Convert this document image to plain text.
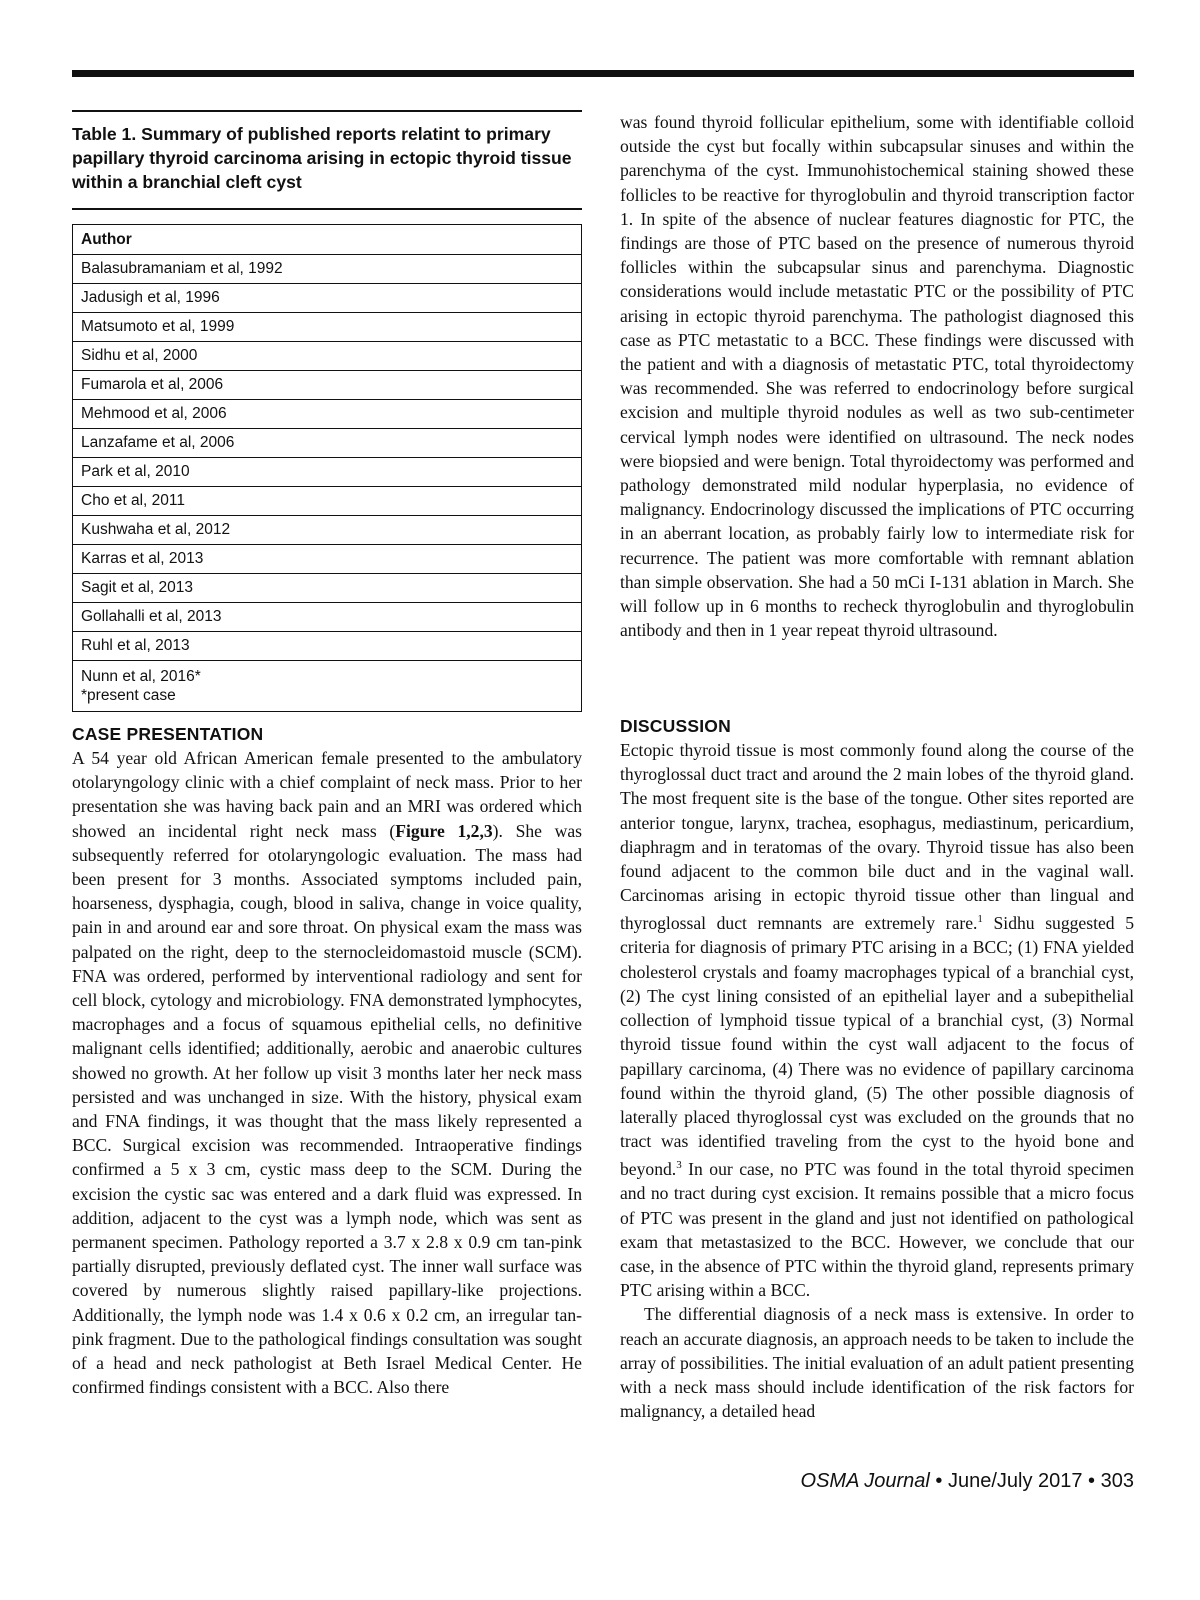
Table 1. Summary of published reports relatint to primary papillary thyroid carcinoma arising in ectopic thyroid tissue within a branchial cleft cyst
Author
Balasubramaniam et al, 1992
Jadusigh et al, 1996
Matsumoto et al, 1999
Sidhu et al, 2000
Fumarola et al, 2006
Mehmood et al, 2006
Lanzafame et al, 2006
Park et al, 2010
Cho et al, 2011
Kushwaha et al, 2012
Karras et al, 2013
Sagit et al, 2013
Gollahalli et al, 2013
Ruhl et al, 2013
Nunn et al, 2016*
*present case
CASE PRESENTATION

A 54 year old African American female presented to the ambulatory otolaryngology clinic with a chief complaint of neck mass. Prior to her presentation she was having back pain and an MRI was ordered which showed an incidental right neck mass (Figure 1,2,3). She was subsequently referred for otolaryngologic evaluation. The mass had been present for 3 months. Associated symptoms included pain, hoarseness, dysphagia, cough, blood in saliva, change in voice quality, pain in and around ear and sore throat. On physical exam the mass was palpated on the right, deep to the sternocleidomastoid muscle (SCM). FNA was ordered, performed by interventional radiology and sent for cell block, cytology and microbiology. FNA demonstrated lymphocytes, macrophages and a focus of squamous epithelial cells, no definitive malignant cells identified; additionally, aerobic and anaerobic cultures showed no growth. At her follow up visit 3 months later her neck mass persisted and was unchanged in size. With the history, physical exam and FNA findings, it was thought that the mass likely represented a BCC. Surgical excision was recommended. Intraoperative findings confirmed a 5 x 3 cm, cystic mass deep to the SCM. During the excision the cystic sac was entered and a dark fluid was expressed. In addition, adjacent to the cyst was a lymph node, which was sent as permanent specimen. Pathology reported a 3.7 x 2.8 x 0.9 cm tan-pink partially disrupted, previously deflated cyst. The inner wall surface was covered by numerous slightly raised papillary-like projections. Additionally, the lymph node was 1.4 x 0.6 x 0.2 cm, an irregular tan-pink fragment. Due to the pathological findings consultation was sought of a head and neck pathologist at Beth Israel Medical Center. He confirmed findings consistent with a BCC. Also there

was found thyroid follicular epithelium, some with identifiable colloid outside the cyst but focally within subcapsular sinuses and within the parenchyma of the cyst. Immunohistochemical staining showed these follicles to be reactive for thyroglobulin and thyroid transcription factor 1. In spite of the absence of nuclear features diagnostic for PTC, the findings are those of PTC based on the presence of numerous thyroid follicles within the subcapsular sinus and parenchyma. Diagnostic considerations would include metastatic PTC or the possibility of PTC arising in ectopic thyroid parenchyma. The pathologist diagnosed this case as PTC metastatic to a BCC. These findings were discussed with the patient and with a diagnosis of metastatic PTC, total thyroidectomy was recommended. She was referred to endocrinology before surgical excision and multiple thyroid nodules as well as two sub-centimeter cervical lymph nodes were identified on ultrasound. The neck nodes were biopsied and were benign. Total thyroidectomy was performed and pathology demonstrated mild nodular hyperplasia, no evidence of malignancy. Endocrinology discussed the implications of PTC occurring in an aberrant location, as probably fairly low to intermediate risk for recurrence. The patient was more comfortable with remnant ablation than simple observation. She had a 50 mCi I-131 ablation in March. She will follow up in 6 months to recheck thyroglobulin and thyroglobulin antibody and then in 1 year repeat thyroid ultrasound.

DISCUSSION

Ectopic thyroid tissue is most commonly found along the course of the thyroglossal duct tract and around the 2 main lobes of the thyroid gland. The most frequent site is the base of the tongue. Other sites reported are anterior tongue, larynx, trachea, esophagus, mediastinum, pericardium, diaphragm and in teratomas of the ovary. Thyroid tissue has also been found adjacent to the common bile duct and in the vaginal wall. Carcinomas arising in ectopic thyroid tissue other than lingual and thyroglossal duct remnants are extremely rare.$^1$ Sidhu suggested 5 criteria for diagnosis of primary PTC arising in a BCC; (1) FNA yielded cholesterol crystals and foamy macrophages typical of a branchial cyst, (2) The cyst lining consisted of an epithelial layer and a subepithelial collection of lymphoid tissue typical of a branchial cyst, (3) Normal thyroid tissue found within the cyst wall adjacent to the focus of papillary carcinoma, (4) There was no evidence of papillary carcinoma found within the thyroid gland, (5) The other possible diagnosis of laterally placed thyroglossal cyst was excluded on the grounds that no tract was identified traveling from the cyst to the hyoid bone and beyond.$^3$ In our case, no PTC was found in the total thyroid specimen and no tract during cyst excision. It remains possible that a micro focus of PTC was present in the gland and just not identified on pathological exam that metastasized to the BCC. However, we conclude that our case, in the absence of PTC within the thyroid gland, represents primary PTC arising within a BCC.

The differential diagnosis of a neck mass is extensive. In order to reach an accurate diagnosis, an approach needs to be taken to include the array of possibilities. The initial evaluation of an adult patient presenting with a neck mass should include identification of the risk factors for malignancy, a detailed head

OSMA Journal • June/July 2017 • 303
